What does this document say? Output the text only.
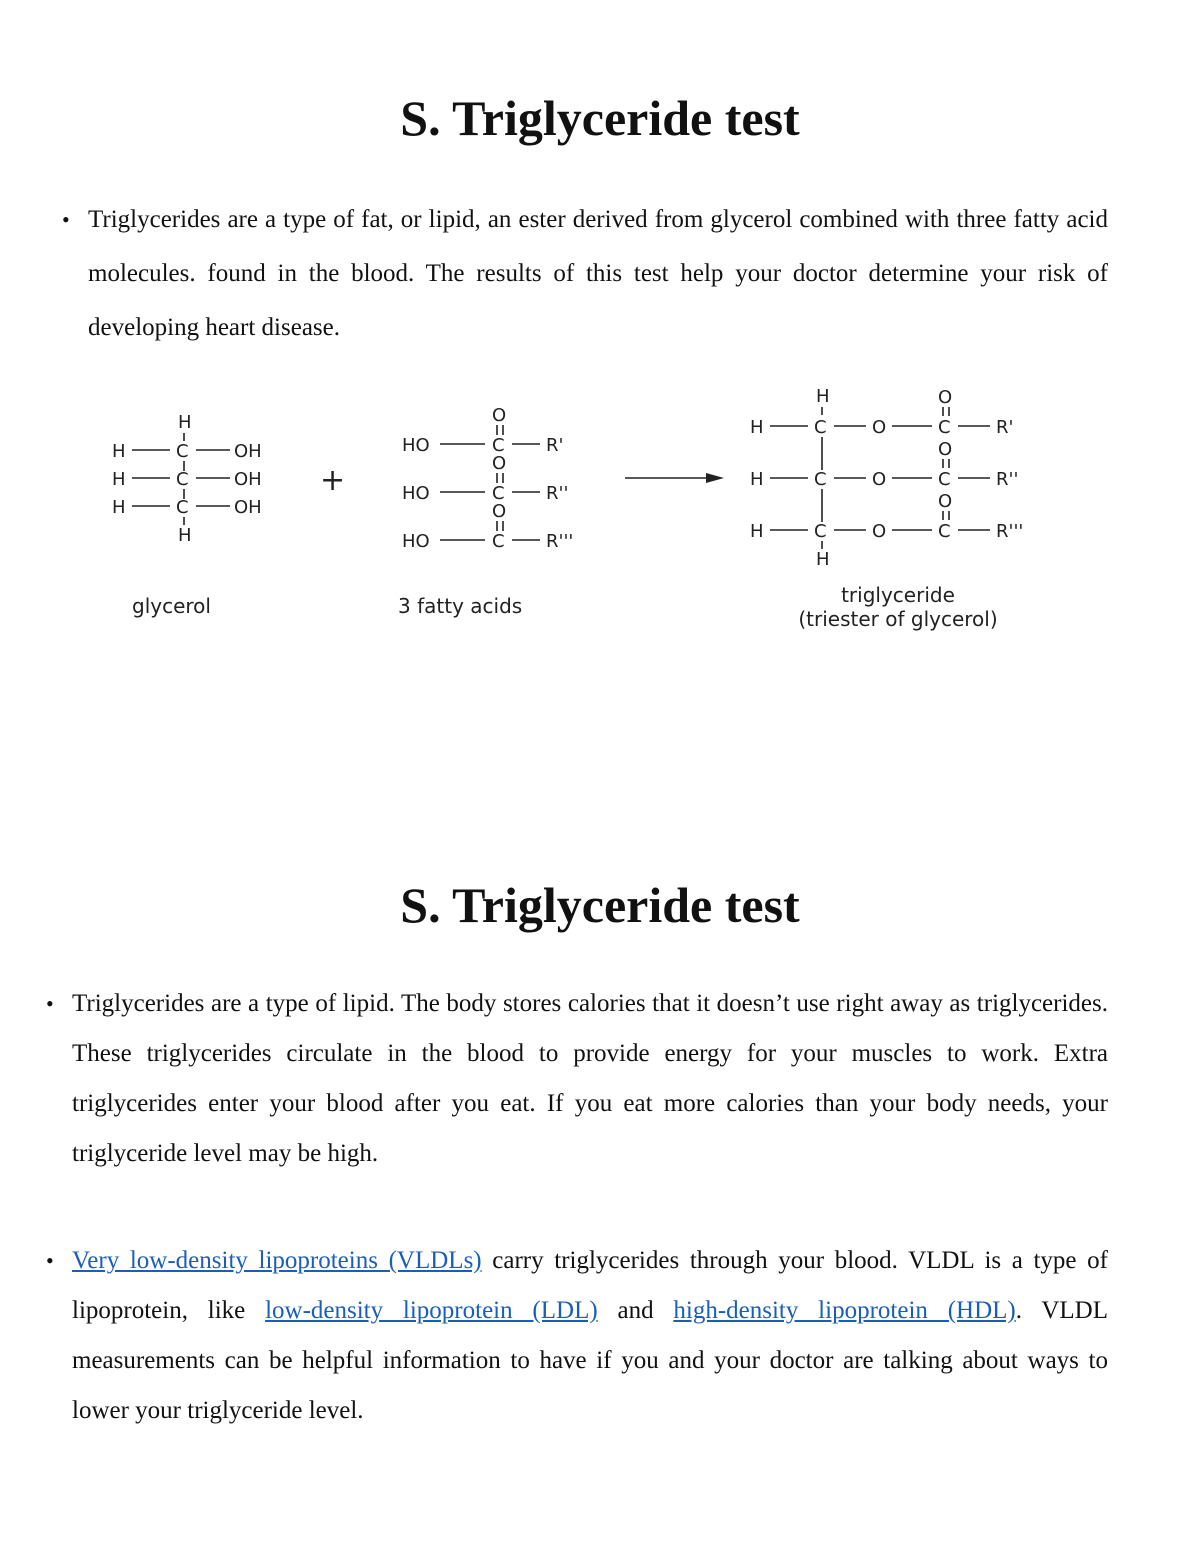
S. Triglyceride test

• Triglycerides are a type of fat, or lipid, an ester derived from glycerol combined with three fatty acid molecules. found in the blood. The results of this test help your doctor determine your risk of developing heart disease.

H
H	C	OH
H	C	OH
H	C	OH
H
glycerol
+
O
HO	C R'
O
HO	C R''
O
HO	C R'''
3 fatty acids
H
H	C	O
O
C	R'
H	C	O
O
C	R''
H	C	O
O
C	R'''
H
triglyceride
(triester of glycerol)
S. Triglyceride test

• Triglycerides are a type of lipid. The body stores calories that it doesn’t use right away as triglycerides. These triglycerides circulate in the blood to provide energy for your muscles to work. Extra triglycerides enter your blood after you eat. If you eat more calories than your body needs, your triglyceride level may be high.

• Very low-density lipoproteins (VLDLs) carry triglycerides through your blood. VLDL is a type of lipoprotein, like low-density lipoprotein (LDL) and high-density lipoprotein (HDL). VLDL measurements can be helpful information to have if you and your doctor are talking about ways to lower your triglyceride level.
